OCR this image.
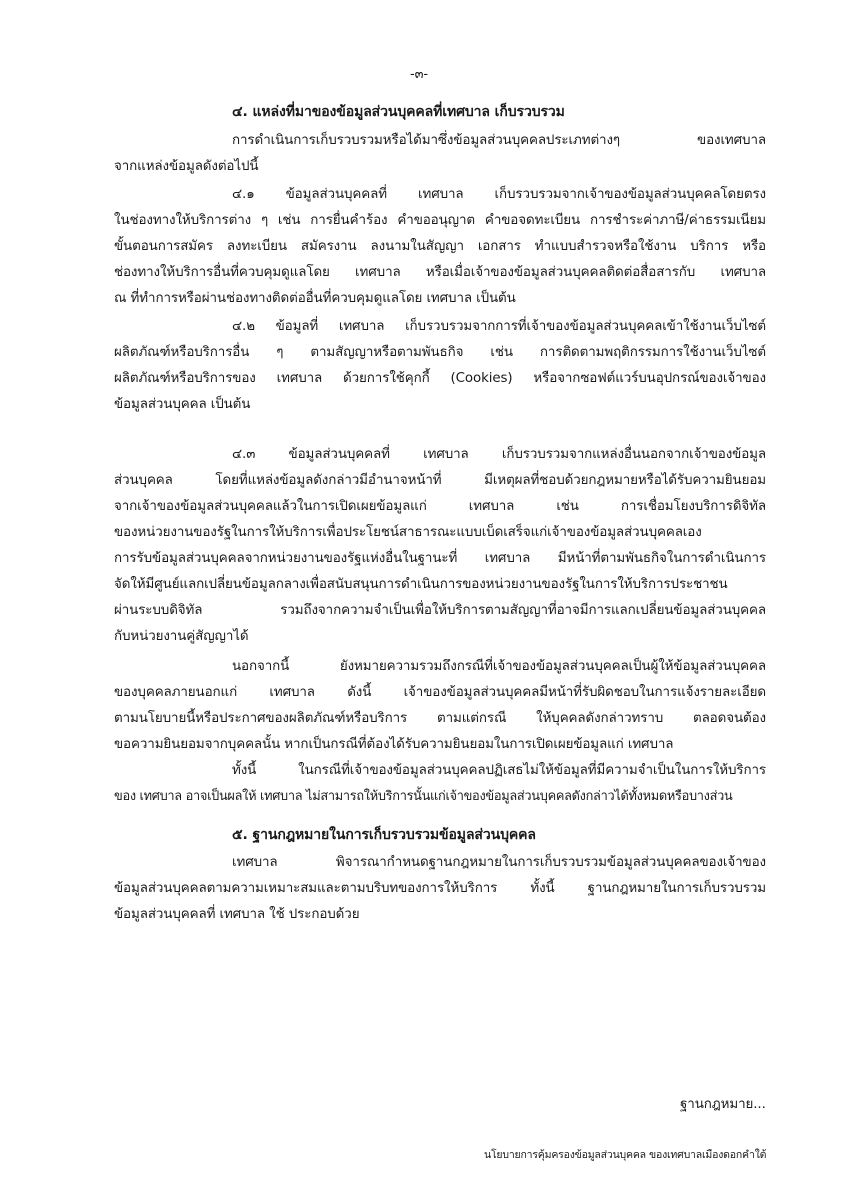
-๓-
๔. แหล่งที่มาของข้อมูลส่วนบุคคลที่เทศบาล เก็บรวบรวม
การดำเนินการเก็บรวบรวมหรือได้มาซึ่งข้อมูลส่วนบุคคลประเภทต่างๆ ของเทศบาล
จากแหล่งข้อมูลดังต่อไปนี้
๔.๑ ข้อมูลส่วนบุคคลที่ เทศบาล เก็บรวบรวมจากเจ้าของข้อมูลส่วนบุคคลโดยตรง
ในช่องทางให้บริการต่าง ๆ เช่น การยื่นคำร้อง คำขออนุญาต คำขอจดทะเบียน การชำระค่าภาษี/ค่าธรรมเนียม
ขั้นตอนการสมัคร ลงทะเบียน สมัครงาน ลงนามในสัญญา เอกสาร ทำแบบสำรวจหรือใช้งาน บริการ หรือ
ช่องทางให้บริการอื่นที่ควบคุมดูแลโดย เทศบาล หรือเมื่อเจ้าของข้อมูลส่วนบุคคลติดต่อสื่อสารกับ เทศบาล
ณ ที่ทำการหรือผ่านช่องทางติดต่ออื่นที่ควบคุมดูแลโดย เทศบาล เป็นต้น
๔.๒ ข้อมูลที่ เทศบาล เก็บรวบรวมจากการที่เจ้าของข้อมูลส่วนบุคคลเข้าใช้งานเว็บไซต์
ผลิตภัณฑ์หรือบริการอื่น ๆ ตามสัญญาหรือตามพันธกิจ เช่น การติดตามพฤติกรรมการใช้งานเว็บไซต์
ผลิตภัณฑ์หรือบริการของ เทศบาล ด้วยการใช้คุกกี้ (Cookies) หรือจากซอฟต์แวร์บนอุปกรณ์ของเจ้าของ
ข้อมูลส่วนบุคคล เป็นต้น
๔.๓ ข้อมูลส่วนบุคคลที่ เทศบาล เก็บรวบรวมจากแหล่งอื่นนอกจากเจ้าของข้อมูล
ส่วนบุคคล โดยที่แหล่งข้อมูลดังกล่าวมีอำนาจหน้าที่ มีเหตุผลที่ชอบด้วยกฎหมายหรือได้รับความยินยอม
จากเจ้าของข้อมูลส่วนบุคคลแล้วในการเปิดเผยข้อมูลแก่ เทศบาล เช่น การเชื่อมโยงบริการดิจิทัล
ของหน่วยงานของรัฐในการให้บริการเพื่อประโยชน์สาธารณะแบบเบ็ดเสร็จแก่เจ้าของข้อมูลส่วนบุคคลเอง
การรับข้อมูลส่วนบุคคลจากหน่วยงานของรัฐแห่งอื่นในฐานะที่ เทศบาล มีหน้าที่ตามพันธกิจในการดำเนินการ
จัดให้มีศูนย์แลกเปลี่ยนข้อมูลกลางเพื่อสนับสนุนการดำเนินการของหน่วยงานของรัฐในการให้บริการประชาชน
ผ่านระบบดิจิทัล รวมถึงจากความจำเป็นเพื่อให้บริการตามสัญญาที่อาจมีการแลกเปลี่ยนข้อมูลส่วนบุคคล
กับหน่วยงานคู่สัญญาได้
นอกจากนี้ ยังหมายความรวมถึงกรณีที่เจ้าของข้อมูลส่วนบุคคลเป็นผู้ให้ข้อมูลส่วนบุคคล
ของบุคคลภายนอกแก่ เทศบาล ดังนี้ เจ้าของข้อมูลส่วนบุคคลมีหน้าที่รับผิดชอบในการแจ้งรายละเอียด
ตามนโยบายนี้หรือประกาศของผลิตภัณฑ์หรือบริการ ตามแต่กรณี ให้บุคคลดังกล่าวทราบ ตลอดจนต้อง
ขอความยินยอมจากบุคคลนั้น หากเป็นกรณีที่ต้องได้รับความยินยอมในการเปิดเผยข้อมูลแก่ เทศบาล
ทั้งนี้ ในกรณีที่เจ้าของข้อมูลส่วนบุคคลปฏิเสธไม่ให้ข้อมูลที่มีความจำเป็นในการให้บริการ
ของ เทศบาล อาจเป็นผลให้ เทศบาล ไม่สามารถให้บริการนั้นแก่เจ้าของข้อมูลส่วนบุคคลดังกล่าวได้ทั้งหมดหรือบางส่วน
๕. ฐานกฎหมายในการเก็บรวบรวมข้อมูลส่วนบุคคล
เทศบาล พิจารณากำหนดฐานกฎหมายในการเก็บรวบรวมข้อมูลส่วนบุคคลของเจ้าของ
ข้อมูลส่วนบุคคลตามความเหมาะสมและตามบริบทของการให้บริการ ทั้งนี้ ฐานกฎหมายในการเก็บรวบรวม
ข้อมูลส่วนบุคคลที่ เทศบาล ใช้ ประกอบด้วย
ฐานกฎหมาย...
นโยบายการคุ้มครองข้อมูลส่วนบุคคล ของเทศบาลเมืองดอกคำใต้
